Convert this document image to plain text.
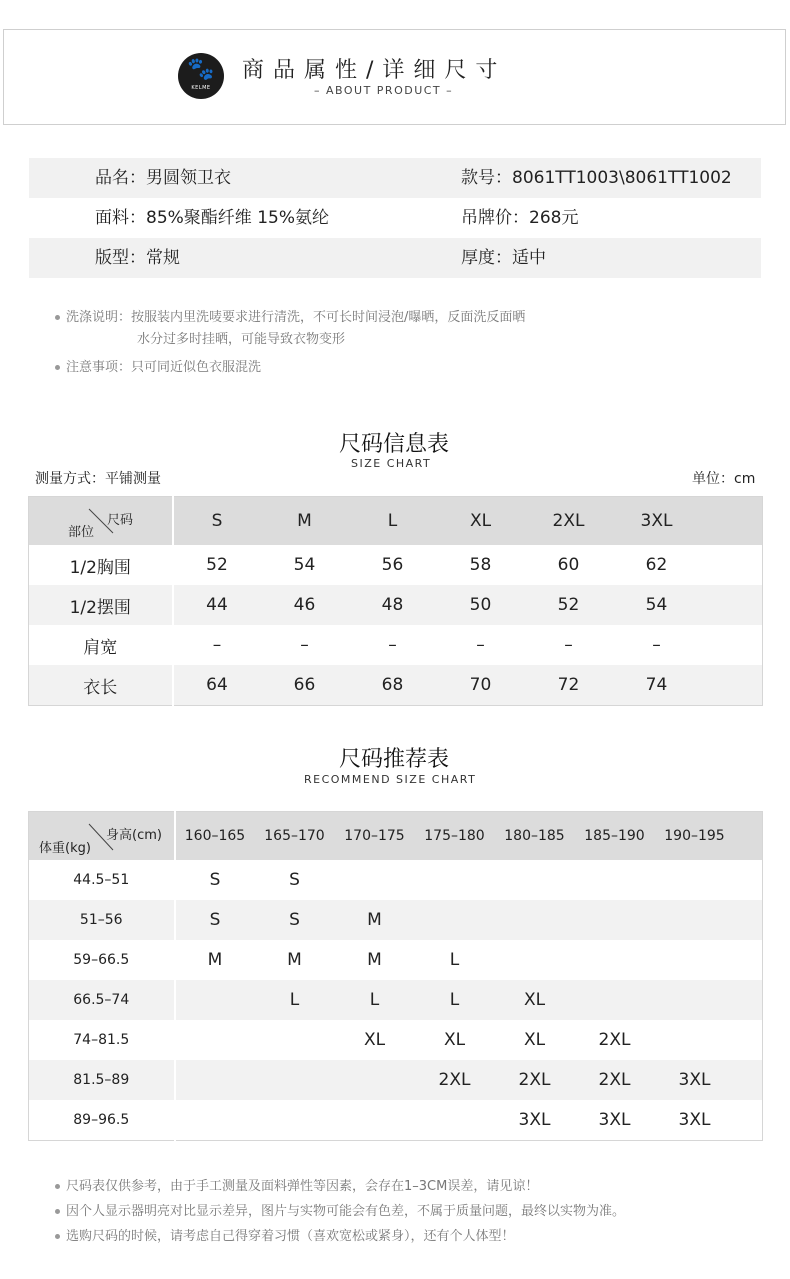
🐾
KELME
商品属性/详细尺寸
– ABOUT PRODUCT –
品名：男圆领卫衣	款号：8061TT1003\8061TT1002
面料：85%聚酯纤维 15%氨纶	吊牌价：268元
版型：常规	厚度：适中
洗涤说明：按服装内里洗唛要求进行清洗，不可长时间浸泡/曝晒，反面洗反面晒
水分过多时挂晒，可能导致衣物变形
注意事项：只可同近似色衣服混洗
尺码信息表
SIZE CHART
测量方式：平铺测量	单位：cm
尺码
部位	S	M	L	XL	2XL	3XL	
1/2胸围	52	54	56	58	60	62	
1/2摆围	44	46	48	50	52	54	
肩宽	–	–	–	–	–	–	
衣长	64	66	68	70	72	74	
尺码推荐表
RECOMMEND SIZE CHART
身高(cm)
体重(kg)	160–165	165–170	170–175	175–180	180–185	185–190	190–195	
44.5–51	S	S						
51–56	S	S	M					
59–66.5	M	M	M	L				
66.5–74		L	L	L	XL			
74–81.5			XL	XL	XL	2XL		
81.5–89				2XL	2XL	2XL	3XL	
89–96.5					3XL	3XL	3XL	
尺码表仅供参考，由于手工测量及面料弹性等因素，会存在1–3CM误差，请见谅！
因个人显示器明亮对比显示差异，图片与实物可能会有色差，不属于质量问题，最终以实物为准。
选购尺码的时候，请考虑自己得穿着习惯（喜欢宽松或紧身），还有个人体型！
